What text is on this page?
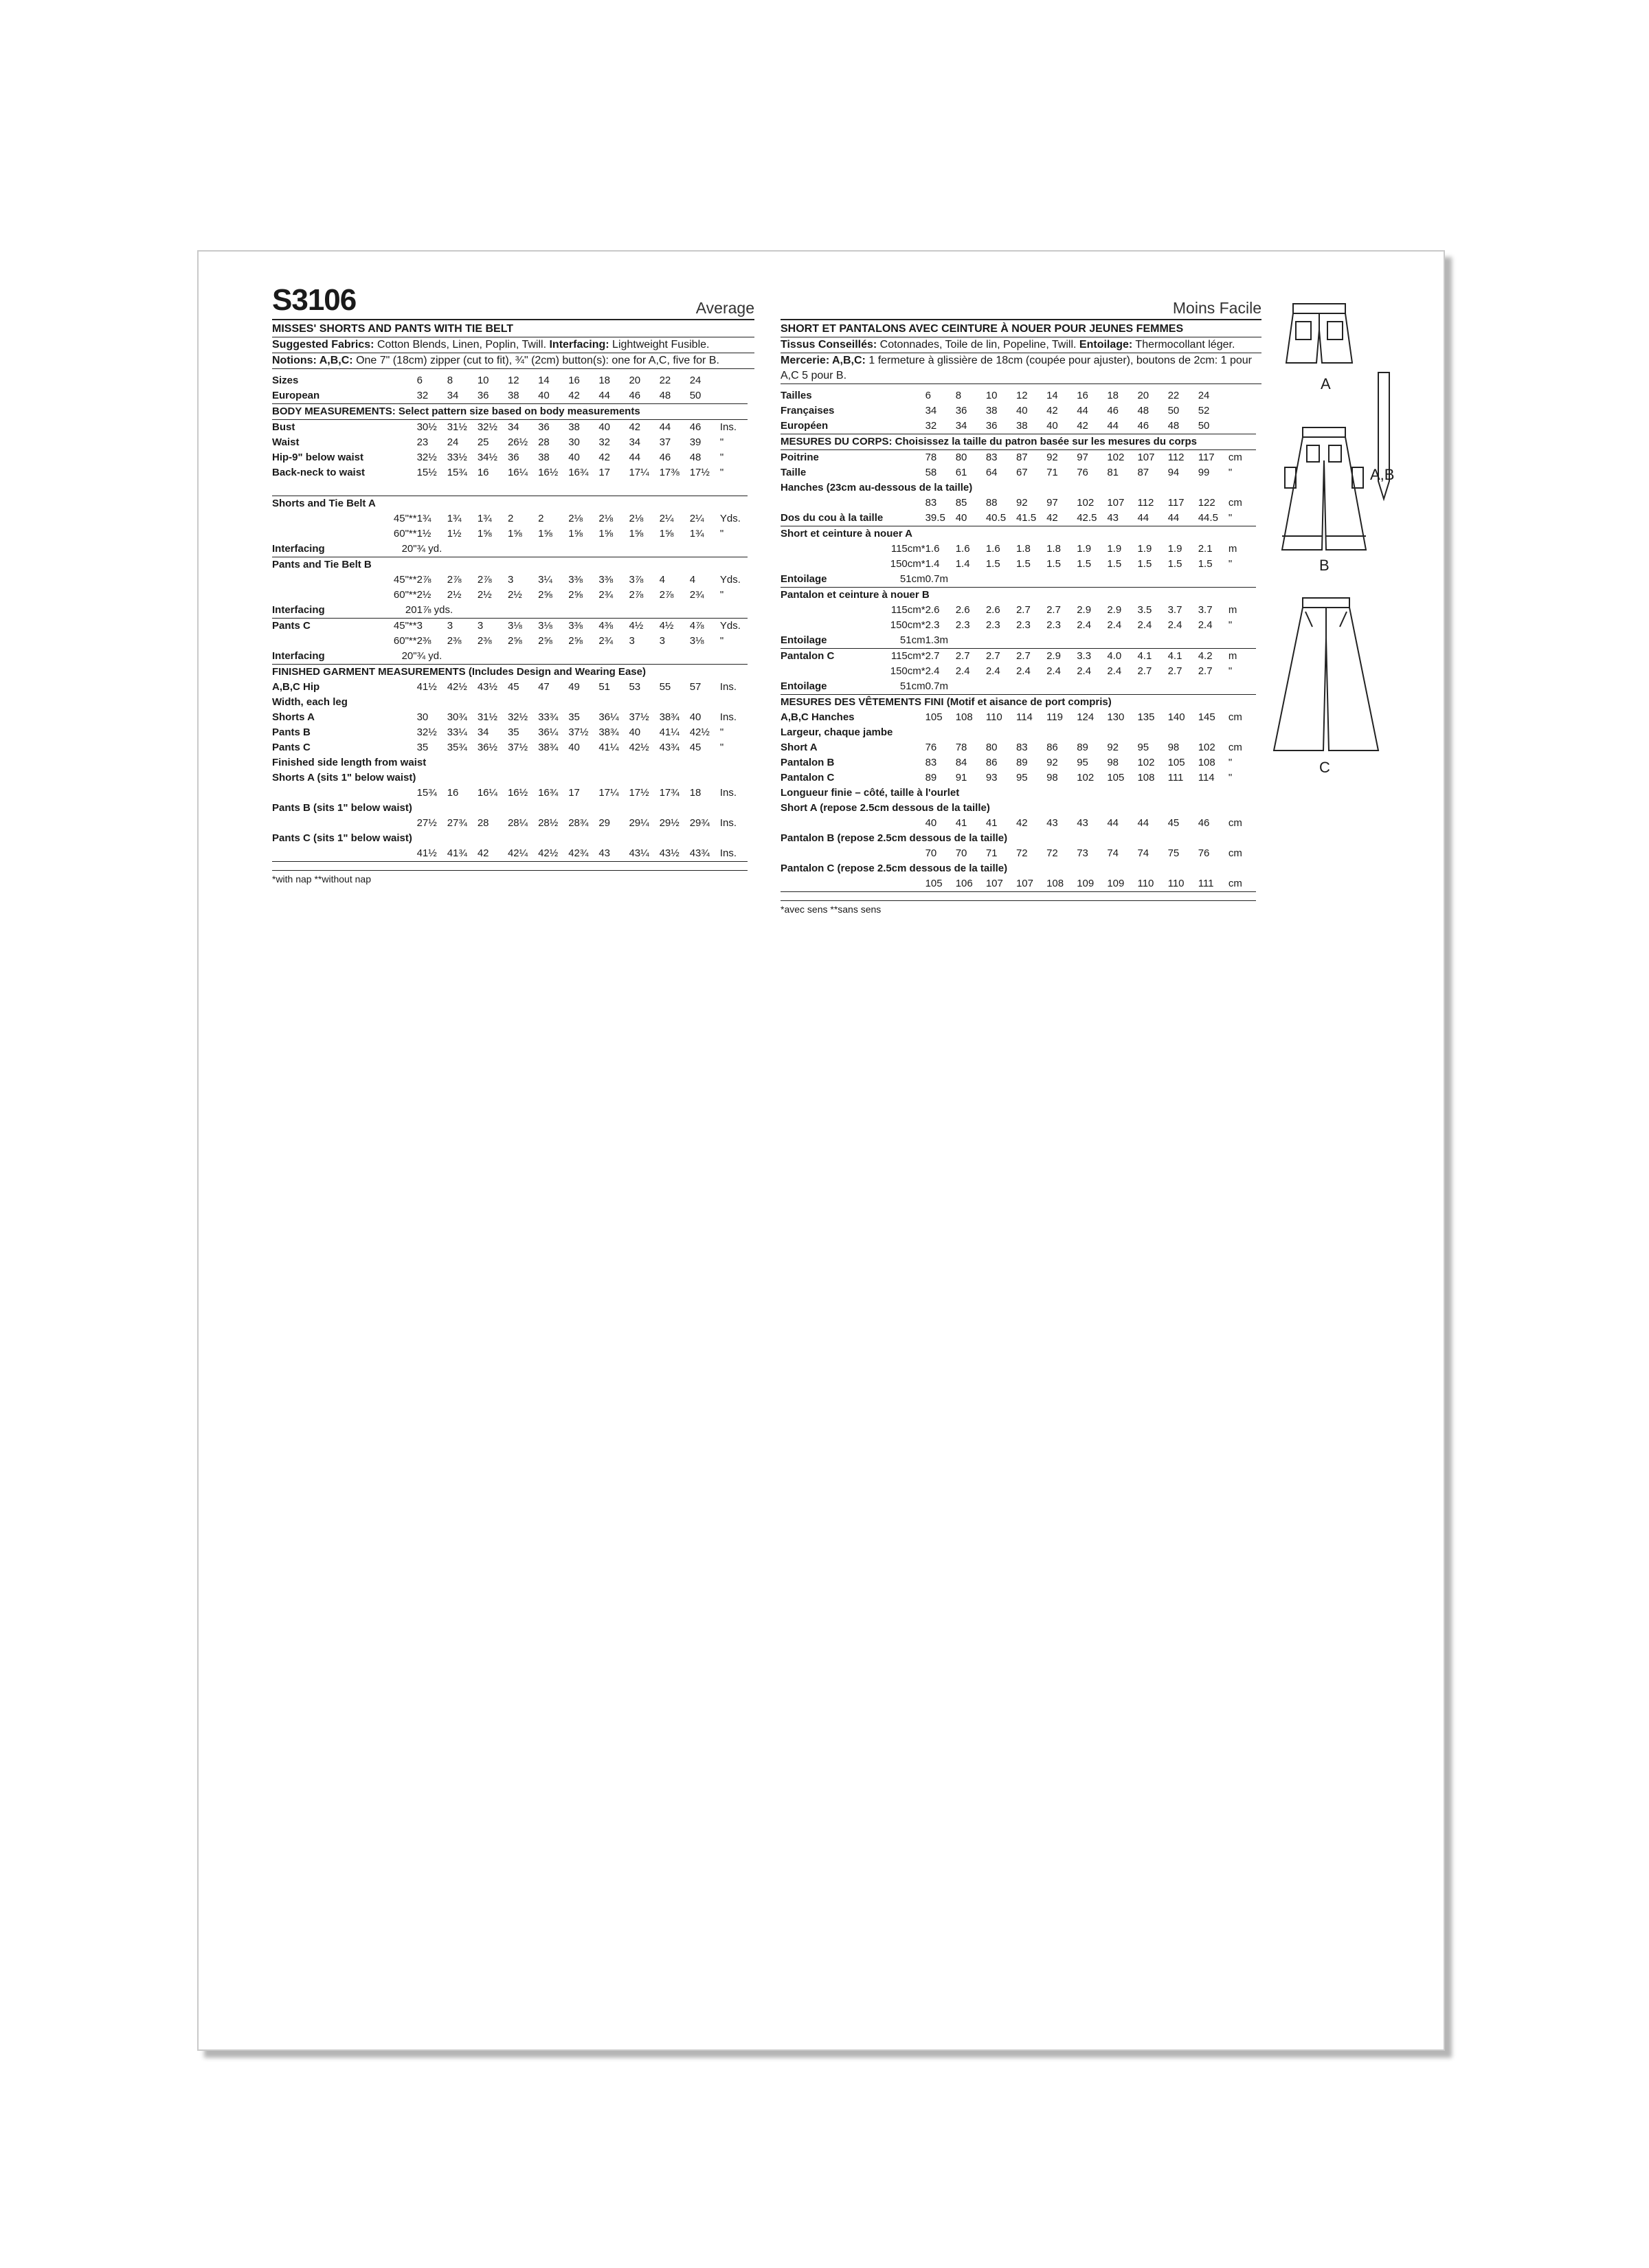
S3106	Average
MISSES' SHORTS AND PANTS WITH TIE BELT
Suggested Fabrics: Cotton Blends, Linen, Poplin, Twill. Interfacing: Lightweight Fusible.
Notions: A,B,C: One 7" (18cm) zipper (cut to fit), ¾" (2cm) button(s): one for A,C, five for B.
Sizes		6	8	10	12	14	16	18	20	22	24	
European		32	34	36	38	40	42	44	46	48	50	
BODY MEASUREMENTS: Select pattern size based on body measurements												
Bust		30½	31½	32½	34	36	38	40	42	44	46	Ins.
Waist		23	24	25	26½	28	30	32	34	37	39	"
Hip-9" below waist		32½	33½	34½	36	38	40	42	44	46	48	"
Back-neck to waist		15½	15¾	16	16¼	16½	16¾	17	17¼	17⅜	17½	"

Shorts and Tie Belt A												
	45"**	1¾	1¾	1¾	2	2	2⅛	2⅛	2⅛	2¼	2¼	Yds.
	60"**	1½	1½	1⅝	1⅝	1⅝	1⅝	1⅝	1⅝	1⅝	1¾	"
Interfacing	20"	¾ yd.										
Pants and Tie Belt B												
	45"**	2⅞	2⅞	2⅞	3	3¼	3⅜	3⅜	3⅞	4	4	Yds.
	60"**	2½	2½	2½	2½	2⅝	2⅝	2¾	2⅞	2⅞	2¾	"
Interfacing	20	1⅞ yds.										
Pants C	45"**	3	3	3	3⅛	3⅛	3⅜	4⅜	4½	4½	4⅞	Yds.
	60"**	2⅜	2⅜	2⅜	2⅝	2⅝	2⅝	2¾	3	3	3⅛	"
Interfacing	20"	¾ yd.										
FINISHED GARMENT MEASUREMENTS (Includes Design and Wearing Ease)												
A,B,C Hip		41½	42½	43½	45	47	49	51	53	55	57	Ins.
Width, each leg												
Shorts A		30	30¾	31½	32½	33¾	35	36¼	37½	38¾	40	Ins.
Pants B		32½	33¼	34	35	36¼	37½	38¾	40	41¼	42½	"
Pants C		35	35¾	36½	37½	38¾	40	41¼	42½	43¾	45	"
Finished side length from waist												
Shorts A (sits 1" below waist)												
		15¾	16	16¼	16½	16¾	17	17¼	17½	17¾	18	Ins.
Pants B (sits 1" below waist)												
		27½	27¾	28	28¼	28½	28¾	29	29¼	29½	29¾	Ins.
Pants C (sits 1" below waist)												
		41½	41¾	42	42¼	42½	42¾	43	43¼	43½	43¾	Ins.
*with nap **without nap
Moins Facile
SHORT ET PANTALONS AVEC CEINTURE À NOUER POUR JEUNES FEMMES
Tissus Conseillés: Cotonnades, Toile de lin, Popeline, Twill. Entoilage: Thermocollant léger.
Mercerie: A,B,C: 1 fermeture à glissière de 18cm (coupée pour ajuster), boutons de 2cm: 1 pour A,C 5 pour B.
Tailles		6	8	10	12	14	16	18	20	22	24	
Françaises		34	36	38	40	42	44	46	48	50	52	
Européen		32	34	36	38	40	42	44	46	48	50	
MESURES DU CORPS: Choisissez la taille du patron basée sur les mesures du corps												
Poitrine		78	80	83	87	92	97	102	107	112	117	cm
Taille		58	61	64	67	71	76	81	87	94	99	"
Hanches (23cm au-dessous de la taille)												
		83	85	88	92	97	102	107	112	117	122	cm
Dos du cou à la taille		39.5	40	40.5	41.5	42	42.5	43	44	44	44.5	"
Short et ceinture à nouer A												
	115cm*	1.6	1.6	1.6	1.8	1.8	1.9	1.9	1.9	1.9	2.1	m
	150cm*	1.4	1.4	1.5	1.5	1.5	1.5	1.5	1.5	1.5	1.5	"
Entoilage	51cm	0.7m										
Pantalon et ceinture à nouer B												
	115cm*	2.6	2.6	2.6	2.7	2.7	2.9	2.9	3.5	3.7	3.7	m
	150cm*	2.3	2.3	2.3	2.3	2.3	2.4	2.4	2.4	2.4	2.4	"
Entoilage	51cm	1.3m										
Pantalon C	115cm*	2.7	2.7	2.7	2.7	2.9	3.3	4.0	4.1	4.1	4.2	m
	150cm*	2.4	2.4	2.4	2.4	2.4	2.4	2.4	2.7	2.7	2.7	"
Entoilage	51cm	0.7m										
MESURES DES VÊTEMENTS FINI (Motif et aisance de port compris)												
A,B,C Hanches		105	108	110	114	119	124	130	135	140	145	cm
Largeur, chaque jambe												
Short A		76	78	80	83	86	89	92	95	98	102	cm
Pantalon B		83	84	86	89	92	95	98	102	105	108	"
Pantalon C		89	91	93	95	98	102	105	108	111	114	"
Longueur finie – côté, taille à l'ourlet												
Short A (repose 2.5cm dessous de la taille)												
		40	41	41	42	43	43	44	44	45	46	cm
Pantalon B (repose 2.5cm dessous de la taille)												
		70	70	71	72	72	73	74	74	75	76	cm
Pantalon C (repose 2.5cm dessous de la taille)												
		105	106	107	107	108	109	109	110	110	111	cm
*avec sens **sans sens
A
A,B
B
C
